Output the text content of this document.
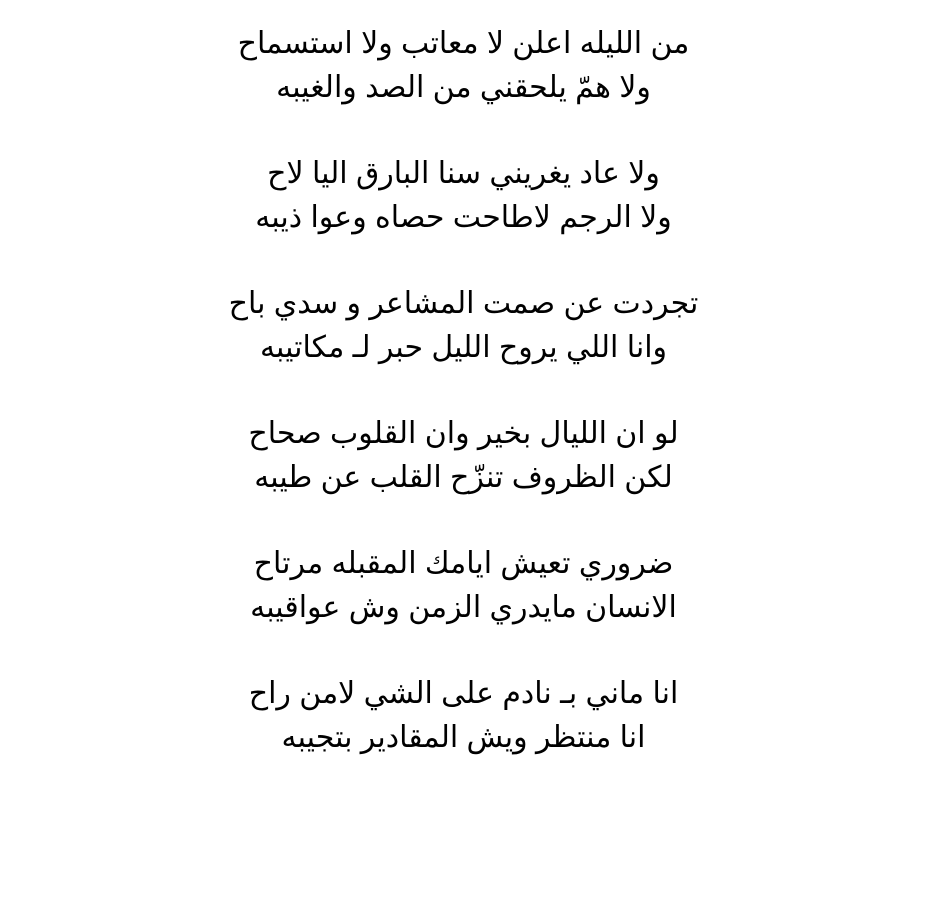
من الليله اعلن لا معاتب ولا استسماح
ولا همّ يلحقني من الصد والغيبه
ولا عاد يغريني سنا البارق اليا لاح
ولا الرجم لاطاحت حصاه وعوا ذيبه
تجردت عن صمت المشاعر و سدي باح
وانا اللي يروح الليل حبر لـ مكاتيبه
لو ان الليال بخير وان القلوب صحاح
لكن الظروف تنزّح القلب عن طيبه
ضروري تعيش ايامك المقبله مرتاح
الانسان مايدري الزمن وش عواقيبه
انا ماني بـ نادم على الشي لامن راح
انا منتظر ويش المقادير بتجيبه
